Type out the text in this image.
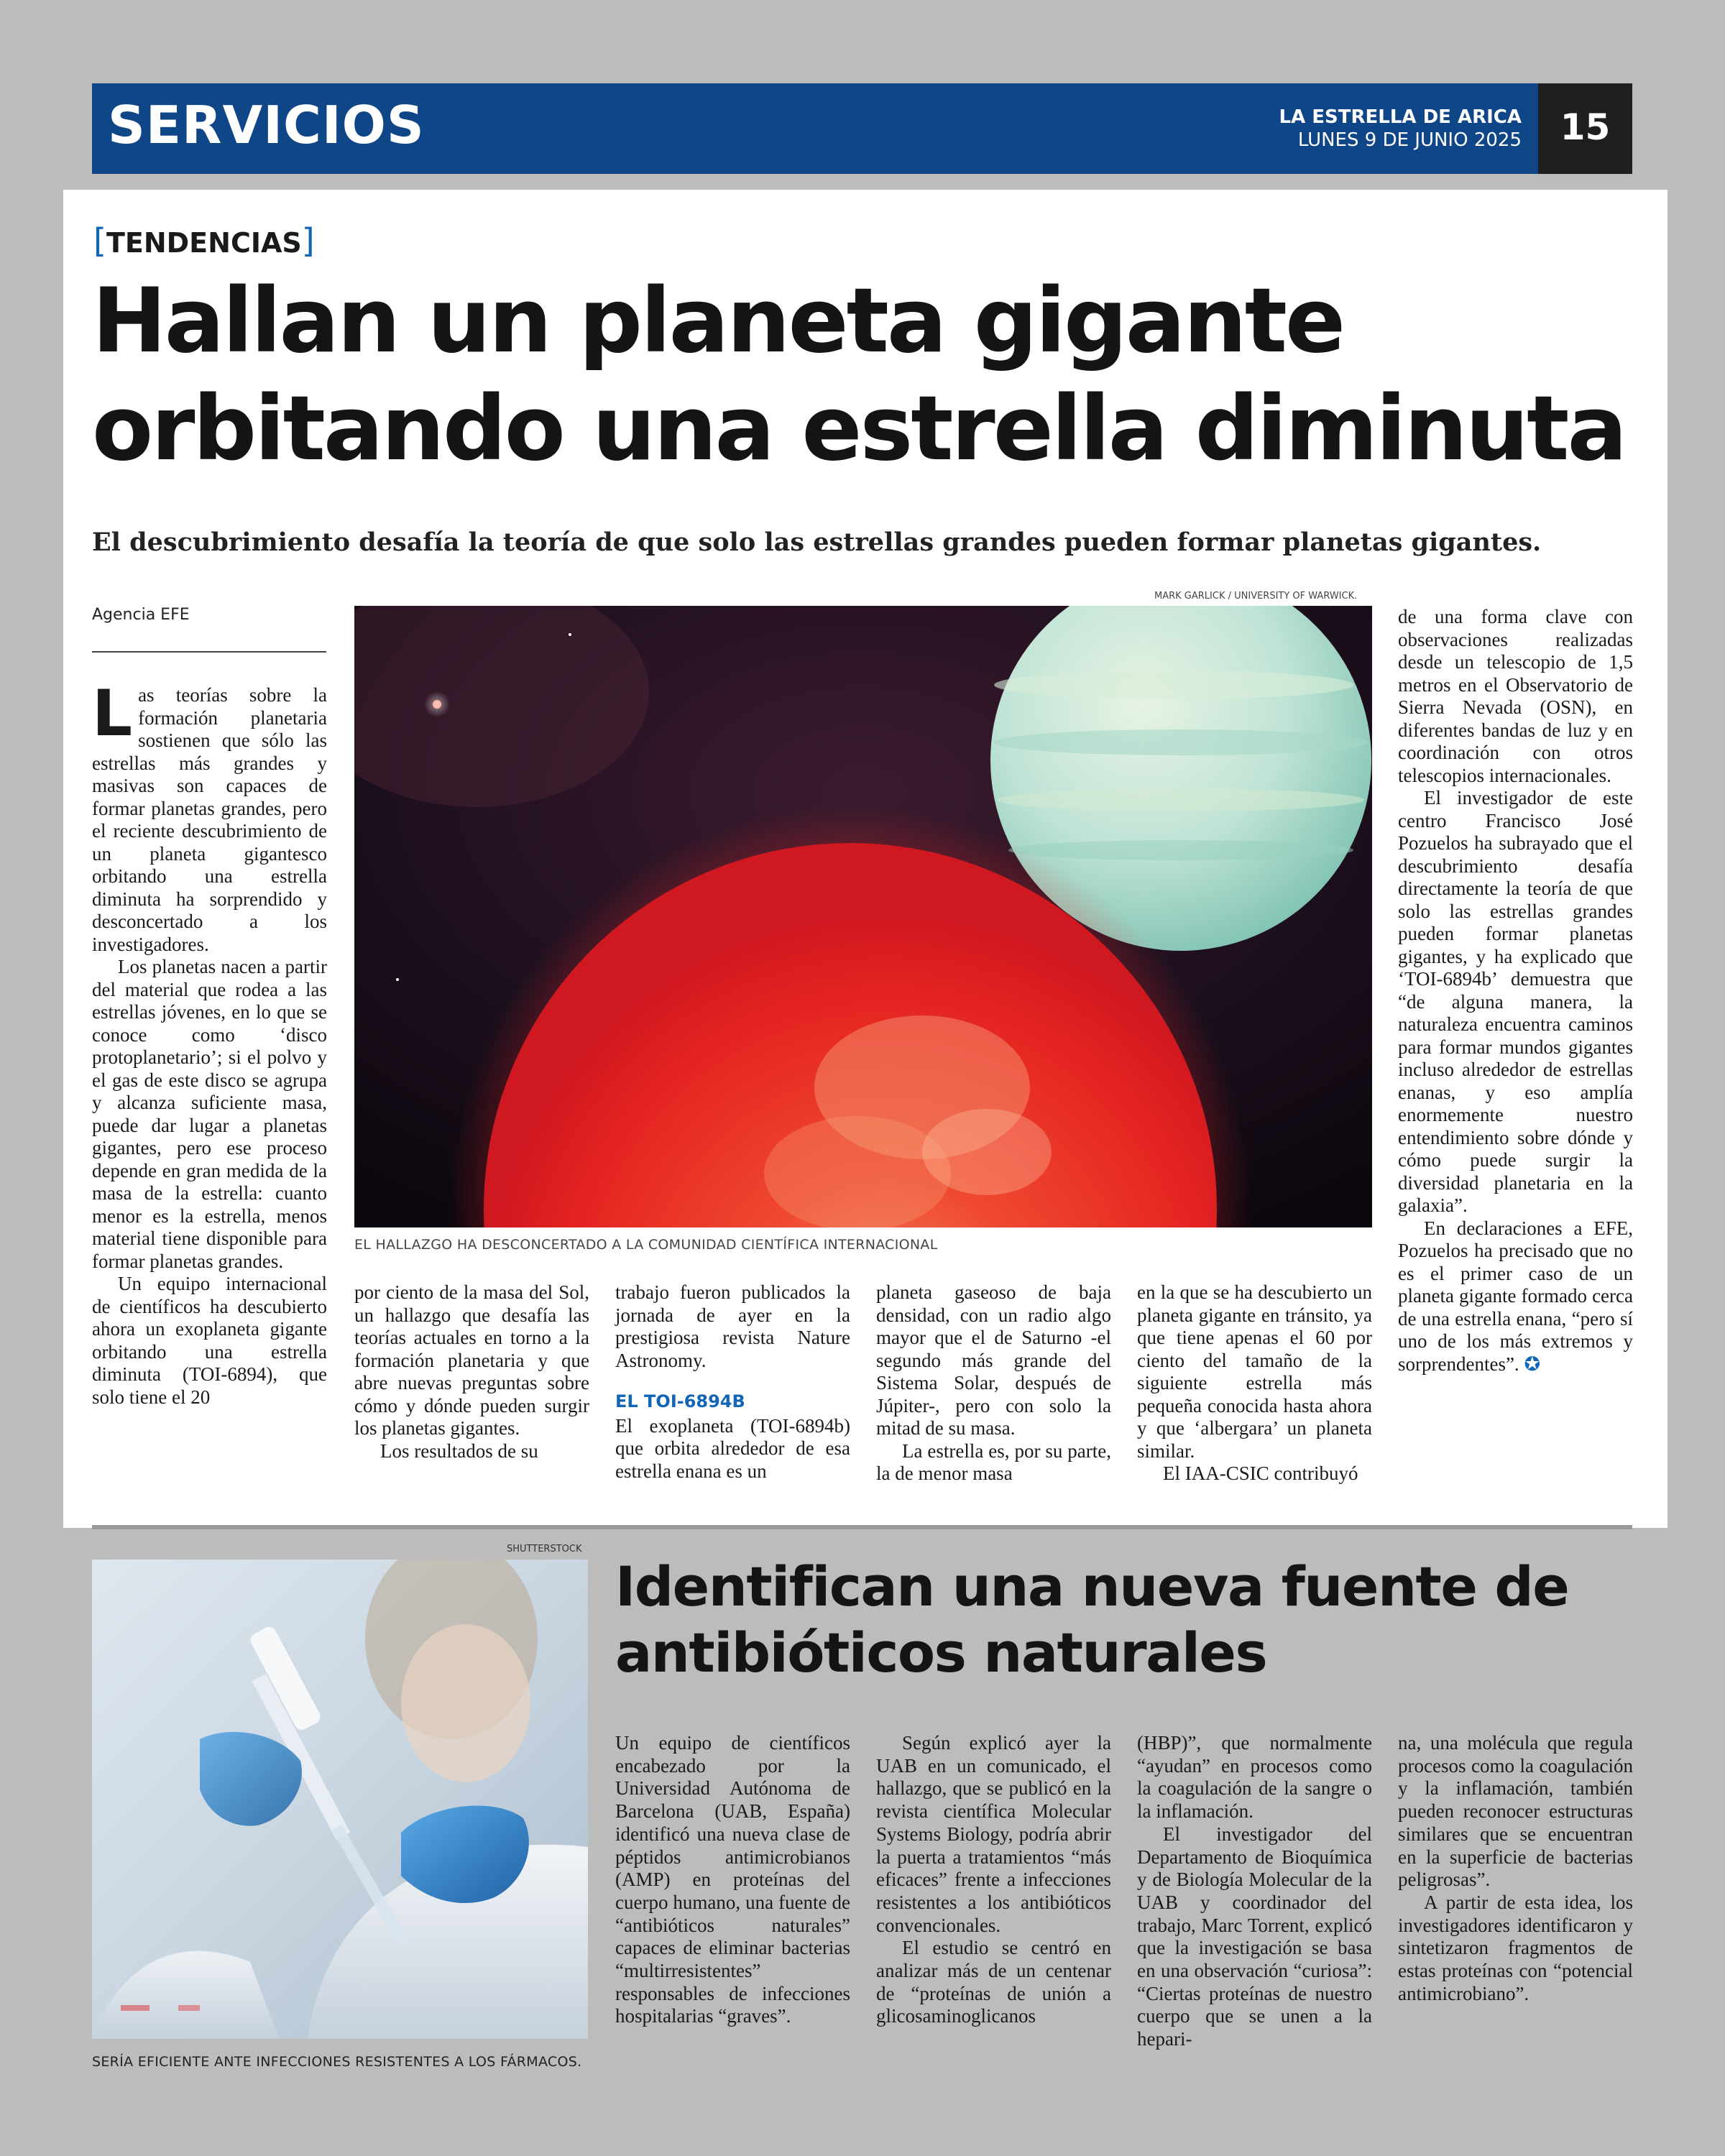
SERVICIOS	LA ESTRELLA DE ARICA
LUNES 9 DE JUNIO 2025	15
[TENDENCIAS]
Hallan un planeta gigante orbitando una estrella diminuta
El descubrimiento desafía la teoría de que solo las estrellas grandes pueden formar planetas gigantes.
Agencia EFE

Las teorías sobre la formación planetaria sostienen que sólo las estrellas más grandes y masivas son capaces de formar planetas grandes, pero el reciente descubrimiento de un planeta gigantesco orbitando una estrella diminuta ha sorprendido y desconcertado a los investigadores.

Los planetas nacen a partir del material que rodea a las estrellas jóvenes, en lo que se conoce como ‘disco protoplanetario’; si el polvo y el gas de este disco se agrupa y alcanza suficiente masa, puede dar lugar a planetas gigantes, pero ese proceso depende en gran medida de la masa de la estrella: cuanto menor es la estrella, menos material tiene disponible para formar planetas grandes.

Un equipo internacional de científicos ha descubierto ahora un exoplaneta gigante orbitando una estrella diminuta (TOI-6894), que solo tiene el 20

MARK GARLICK / UNIVERSITY OF WARWICK.
EL HALLAZGO HA DESCONCERTADO A LA COMUNIDAD CIENTÍFICA INTERNACIONAL

por ciento de la masa del Sol, un hallazgo que desafía las teorías actuales en torno a la formación planetaria y que abre nuevas preguntas sobre cómo y dónde pueden surgir los planetas gigantes.

Los resultados de su

trabajo fueron publicados la jornada de ayer en la prestigiosa revista Nature Astronomy.

EL TOI-6894B

El exoplaneta (TOI-6894b) que orbita alrededor de esa estrella enana es un

planeta gaseoso de baja densidad, con un radio algo mayor que el de Saturno -el segundo más grande del Sistema Solar, después de Júpiter-, pero con solo la mitad de su masa.

La estrella es, por su parte, la de menor masa

en la que se ha descubierto un planeta gigante en tránsito, ya que tiene apenas el 60 por ciento del tamaño de la siguiente estrella más pequeña conocida hasta ahora y que ‘albergara’ un planeta similar.

El IAA-CSIC contribuyó

de una forma clave con observaciones realizadas desde un telescopio de 1,5 metros en el Observatorio de Sierra Nevada (OSN), en diferentes bandas de luz y en coordinación con otros telescopios internacionales.

El investigador de este centro Francisco José Pozuelos ha subrayado que el descubrimiento desafía directamente la teoría de que solo las estrellas grandes pueden formar planetas gigantes, y ha explicado que ‘TOI-6894b’ demuestra que “de alguna manera, la naturaleza encuentra caminos para formar mundos gigantes incluso alrededor de estrellas enanas, y eso amplía enormemente nuestro entendimiento sobre dónde y cómo puede surgir la diversidad planetaria en la galaxia”.

En declaraciones a EFE, Pozuelos ha precisado que no es el primer caso de un planeta gigante formado cerca de una estrella enana, “pero sí uno de los más extremos y sorprendentes”. ✪

SHUTTERSTOCK
SERÍA EFICIENTE ANTE INFECCIONES RESISTENTES A LOS FÁRMACOS.
Identifican una nueva fuente de antibióticos naturales

Un equipo de científicos encabezado por la Universidad Autónoma de Barcelona (UAB, España) identificó una nueva clase de péptidos antimicrobianos (AMP) en proteínas del cuerpo humano, una fuente de “antibióticos naturales” capaces de eliminar bacterias “multirresistentes” responsables de infecciones hospitalarias “graves”.

Según explicó ayer la UAB en un comunicado, el hallazgo, que se publicó en la revista científica Molecular Systems Biology, podría abrir la puerta a tratamientos “más eficaces” frente a infecciones resistentes a los antibióticos convencionales.

El estudio se centró en analizar más de un centenar de “proteínas de unión a glicosaminoglicanos

(HBP)”, que normalmente “ayudan” en procesos como la coagulación de la sangre o la inflamación.

El investigador del Departamento de Bioquímica y de Biología Molecular de la UAB y coordinador del trabajo, Marc Torrent, explicó que la investigación se basa en una observación “curiosa”: “Ciertas proteínas de nuestro cuerpo que se unen a la hepari-

na, una molécula que regula procesos como la coagulación y la inflamación, también pueden reconocer estructuras similares que se encuentran en la superficie de bacterias peligrosas”.

A partir de esta idea, los investigadores identificaron y sintetizaron fragmentos de estas proteínas con “potencial antimicrobiano”.
